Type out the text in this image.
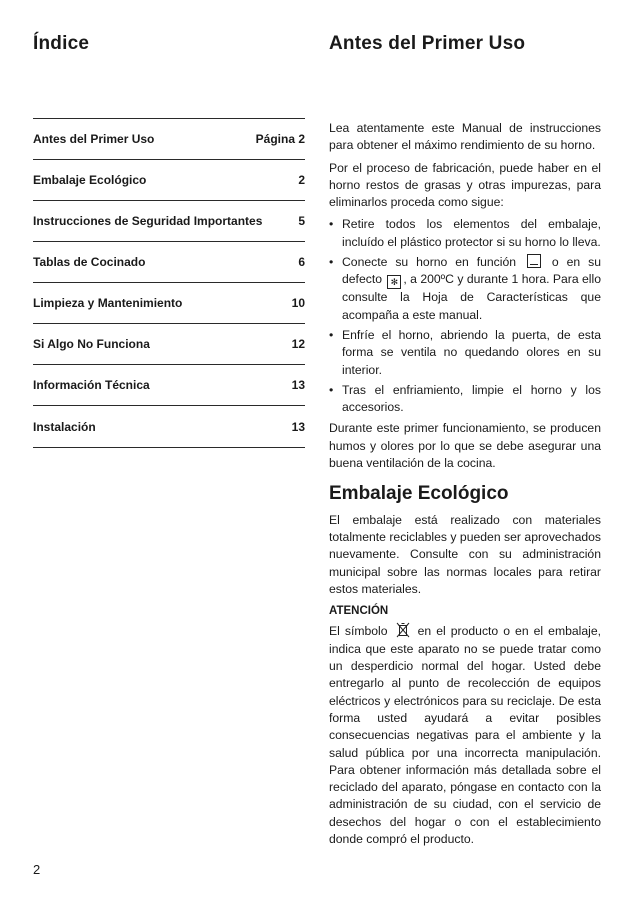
Índice	Antes del Primer Uso
Antes del Primer Uso	Página 2
Embalaje Ecológico	2
Instrucciones de Seguridad Importantes	5
Tablas de Cocinado	6
Limpieza y Mantenimiento	10
Si Algo No Funciona	12
Información Técnica	13
Instalación	13

Lea atentamente este Manual de instrucciones para obtener el máximo rendimiento de su horno.

Por el proceso de fabricación, puede haber en el horno restos de grasas y otras impurezas, para eliminarlos proceda como sigue:

• Retire todos los elementos del embalaje, incluído el plástico protector si su horno lo lleva.
• Conecte su horno en función	o en su defecto ✻ , a 200ºC y durante 1 hora. Para ello consulte la Hoja de Características que acompaña a este manual.
• Enfríe el horno, abriendo la puerta, de esta forma se ventila no quedando olores en su interior.
• Tras el enfriamiento, limpie el horno y los accesorios.

Durante este primer funcionamiento, se producen humos y olores por lo que se debe asegurar una buena ventilación de la cocina.

Embalaje Ecológico

El embalaje está realizado con materiales totalmente reciclables y pueden ser aprovechados nuevamente. Consulte con su administración municipal sobre las normas locales para retirar estos materiales.

ATENCIÓN

El símbolo en el producto o en el embalaje, indica que este aparato no se puede tratar como un desperdicio normal del hogar. Usted debe entregarlo al punto de recolección de equipos eléctricos y electrónicos para su reciclaje. De esta forma usted ayudará a evitar posibles consecuencias negativas para el ambiente y la salud pública por una incorrecta manipulación. Para obtener información más detallada sobre el reciclado del aparato, póngase en contacto con la administración de su ciudad, con el servicio de desechos del hogar o con el establecimiento donde compró el producto.

2
